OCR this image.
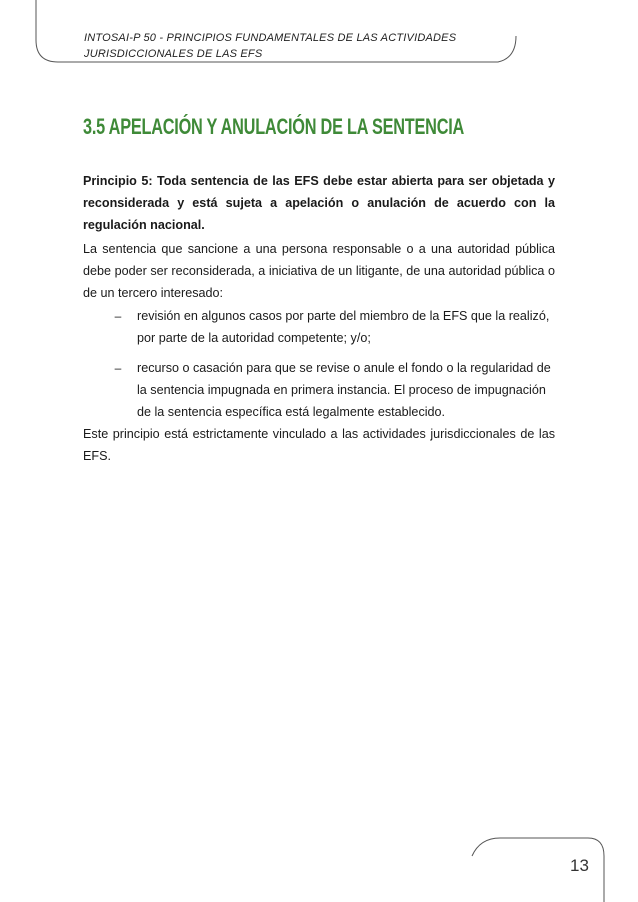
INTOSAI-P 50 - PRINCIPIOS FUNDAMENTALES DE LAS ACTIVIDADES
JURISDICCIONALES DE LAS EFS
3.5 APELACIÓN Y ANULACIÓN DE LA SENTENCIA

Principio 5: Toda sentencia de las EFS debe estar abierta para ser objetada y reconsiderada y está sujeta a apelación o anulación de acuerdo con la regulación nacional.

La sentencia que sancione a una persona responsable o a una autoridad pública debe poder ser reconsiderada, a iniciativa de un litigante, de una autoridad pública o de un tercero interesado:

– revisión en algunos casos por parte del miembro de la EFS que la realizó, por parte de la autoridad competente; y/o;
– recurso o casación para que se revise o anule el fondo o la regularidad de la sentencia impugnada en primera instancia. El proceso de impugnación de la sentencia específica está legalmente establecido.

Este principio está estrictamente vinculado a las actividades jurisdiccionales de las EFS.

13
